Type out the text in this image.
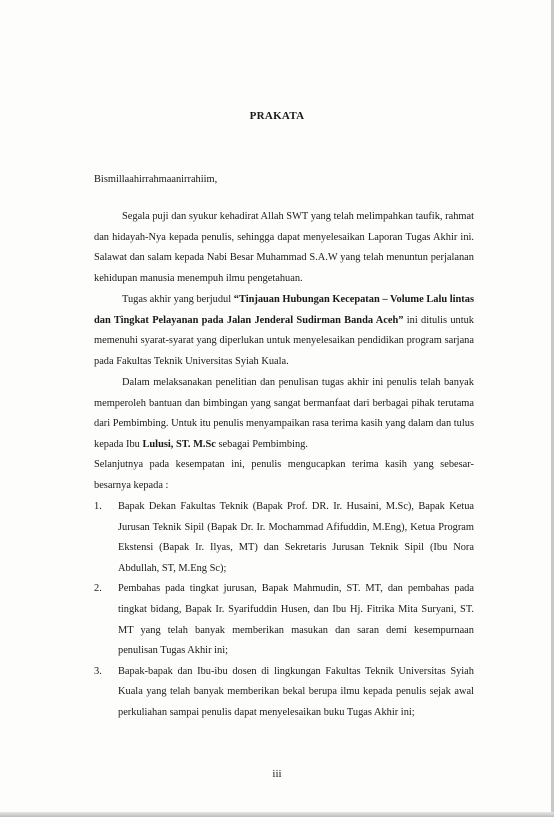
PRAKATA
Bismillaahirrahmaanirrahiim,
Segala puji dan syukur kehadirat Allah SWT yang telah melimpahkan taufik, rahmat dan hidayah-Nya kepada penulis, sehingga dapat menyelesaikan Laporan Tugas Akhir ini. Salawat dan salam kepada Nabi Besar Muhammad S.A.W yang telah menuntun perjalanan kehidupan manusia menempuh ilmu pengetahuan.
Tugas akhir yang berjudul “Tinjauan Hubungan Kecepatan – Volume Lalu lintas dan Tingkat Pelayanan pada Jalan Jenderal Sudirman Banda Aceh” ini ditulis untuk memenuhi syarat-syarat yang diperlukan untuk menyelesaikan pendidikan program sarjana pada Fakultas Teknik Universitas Syiah Kuala.
Dalam melaksanakan penelitian dan penulisan tugas akhir ini penulis telah banyak memperoleh bantuan dan bimbingan yang sangat bermanfaat dari berbagai pihak terutama dari Pembimbing. Untuk itu penulis menyampaikan rasa terima kasih yang dalam dan tulus kepada Ibu Lulusi, ST. M.Sc sebagai Pembimbing.
Selanjutnya pada kesempatan ini, penulis mengucapkan terima kasih yang sebesar-besarnya kepada :
1. Bapak Dekan Fakultas Teknik (Bapak Prof. DR. Ir. Husaini, M.Sc), Bapak Ketua Jurusan Teknik Sipil (Bapak Dr. Ir. Mochammad Afifuddin, M.Eng), Ketua Program Ekstensi (Bapak Ir. Ilyas, MT) dan Sekretaris Jurusan Teknik Sipil (Ibu Nora Abdullah, ST, M.Eng Sc);
2. Pembahas pada tingkat jurusan, Bapak Mahmudin, ST. MT, dan pembahas pada tingkat bidang, Bapak Ir. Syarifuddin Husen, dan Ibu Hj. Fitrika Mita Suryani, ST. MT yang telah banyak memberikan masukan dan saran demi kesempurnaan penulisan Tugas Akhir ini;
3. Bapak-bapak dan Ibu-ibu dosen di lingkungan Fakultas Teknik Universitas Syiah Kuala yang telah banyak memberikan bekal berupa ilmu kepada penulis sejak awal perkuliahan sampai penulis dapat menyelesaikan buku Tugas Akhir ini;
iii
